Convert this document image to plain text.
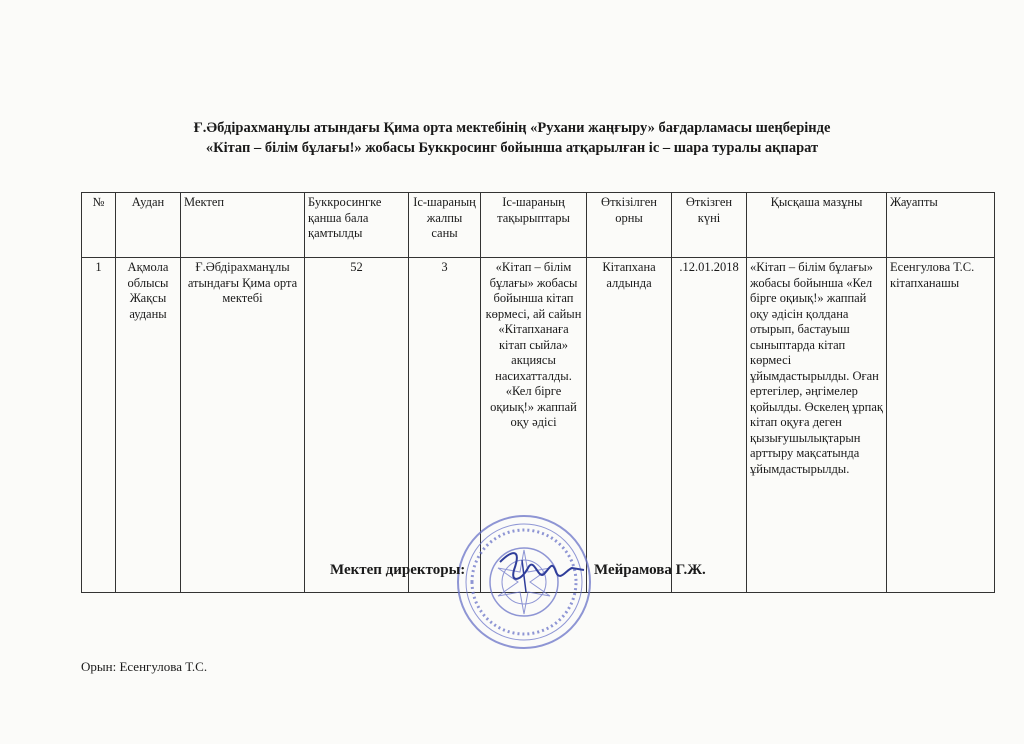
Ғ.Әбдірахманұлы атындағы Қима орта мектебінің «Рухани жаңғыру» бағдарламасы шеңберінде
«Кітап – білім бұлағы!» жобасы Буккросинг бойынша атқарылған іс – шара туралы ақпарат
№	Аудан	Мектеп	Буккросингке қанша бала қамтылды	Іс-шараның жалпы саны	Іс-шараның тақырыптары	Өткізілген орны	Өткізген күні	Қысқаша мазұны	Жауапты
1	Ақмола облысы Жақсы ауданы	Ғ.Әбдірахманұлы атындағы Қима орта мектебі	52	3	«Кітап – білім бұлағы» жобасы бойынша кітап көрмесі, ай сайын «Кітапханаға кітап сыйла» акциясы насихатталды. «Кел бірге оқиық!» жаппай оқу әдісі	Кітапхана алдында	.12.01.2018	«Кітап – білім бұлағы» жобасы бойынша «Кел бірге оқиық!» жаппай оқу әдісін қолдана отырып, бастауыш сыныптарда кітап көрмесі ұйымдастырылды. Оған ертегілер, әңгімелер қойылды. Өскелең ұрпақ кітап оқуға деген қызығушылықтарын арттыру мақсатында ұйымдастырылды.	Есенгулова Т.С. кітапханашы
Мектеп директоры:	Мейрамова Г.Ж.
Орын: Есенгулова Т.С.
